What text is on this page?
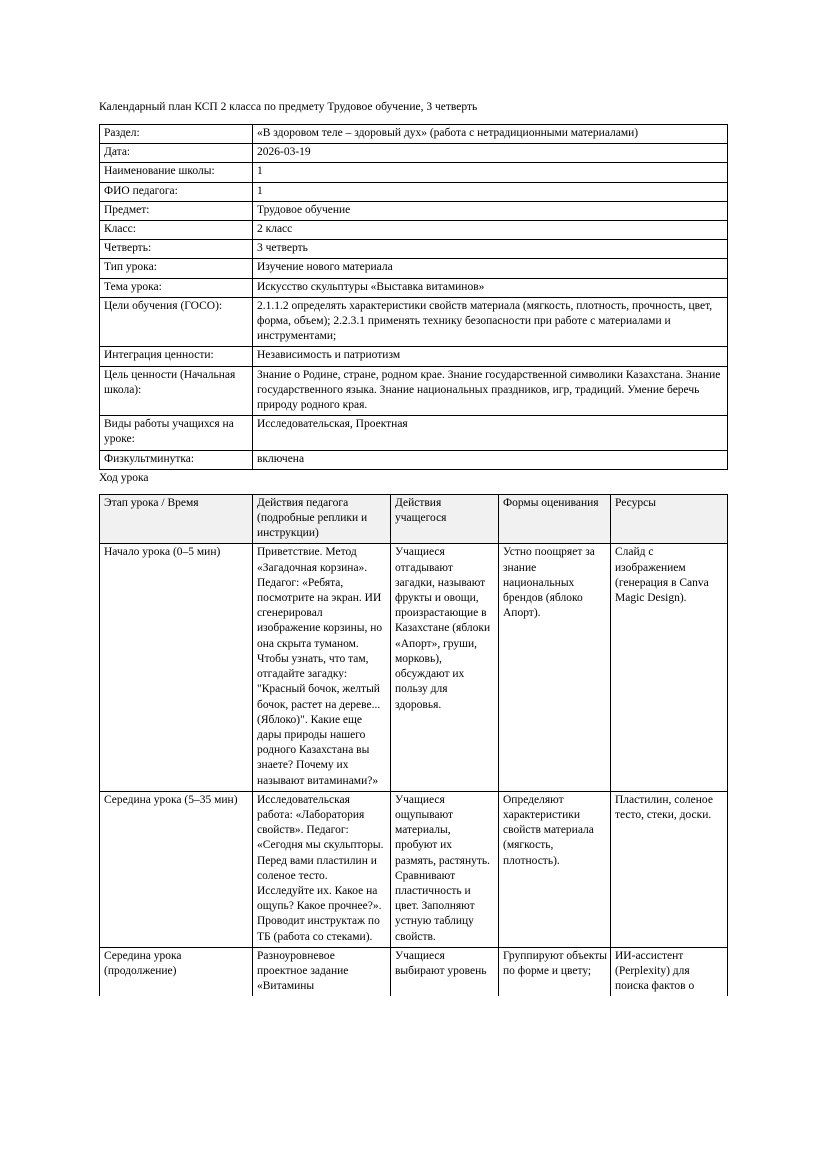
Календарный план КСП 2 класса по предмету Трудовое обучение, 3 четверть

Раздел:	«В здоровом теле – здоровый дух» (работа с нетрадиционными материалами)
Дата:	2026-03-19
Наименование школы:	1
ФИО педагога:	1
Предмет:	Трудовое обучение
Класс:	2 класс
Четверть:	3 четверть
Тип урока:	Изучение нового материала
Тема урока:	Искусство скульптуры «Выставка витаминов»
Цели обучения (ГОСО):	2.1.1.2 определять характеристики свойств материала (мягкость, плотность, прочность, цвет, форма, объем); 2.2.3.1 применять технику безопасности при работе с материалами и инструментами;
Интеграция ценности:	Независимость и патриотизм
Цель ценности (Начальная школа):	Знание о Родине, стране, родном крае. Знание государственной символики Казахстана. Знание государственного языка. Знание национальных праздников, игр, традиций. Умение беречь природу родного края.
Виды работы учащихся на уроке:	Исследовательская, Проектная
Физкультминутка:	включена

Ход урока

Этап урока / Время	Действия педагога (подробные реплики и инструкции)	Действия учащегося	Формы оценивания	Ресурсы
Начало урока (0–5 мин)	Приветствие. Метод «Загадочная корзина». Педагог: «Ребята, посмотрите на экран. ИИ сгенерировал изображение корзины, но она скрыта туманом. Чтобы узнать, что там, отгадайте загадку: "Красный бочок, желтый бочок, растет на дереве... (Яблоко)". Какие еще дары природы нашего родного Казахстана вы знаете? Почему их называют витаминами?»	Учащиеся отгадывают загадки, называют фрукты и овощи, произрастающие в Казахстане (яблоки «Апорт», груши, морковь), обсуждают их пользу для здоровья.	Устно поощряет за знание национальных брендов (яблоко Апорт).	Слайд с изображением (генерация в Canva Magic Design).
Середина урока (5–35 мин)	Исследовательская работа: «Лаборатория свойств». Педагог: «Сегодня мы скульпторы. Перед вами пластилин и соленое тесто. Исследуйте их. Какое на ощупь? Какое прочнее?». Проводит инструктаж по ТБ (работа со стеками).	Учащиеся ощупывают материалы, пробуют их размять, растянуть. Сравнивают пластичность и цвет. Заполняют устную таблицу свойств.	Определяют характеристики свойств материала (мягкость, плотность).	Пластилин, соленое тесто, стеки, доски.
Середина урока (продолжение)	Разноуровневое проектное задание «Витамины	Учащиеся выбирают уровень	Группируют объекты по форме и цвету;	ИИ-ассистент (Perplexity) для поиска фактов о
